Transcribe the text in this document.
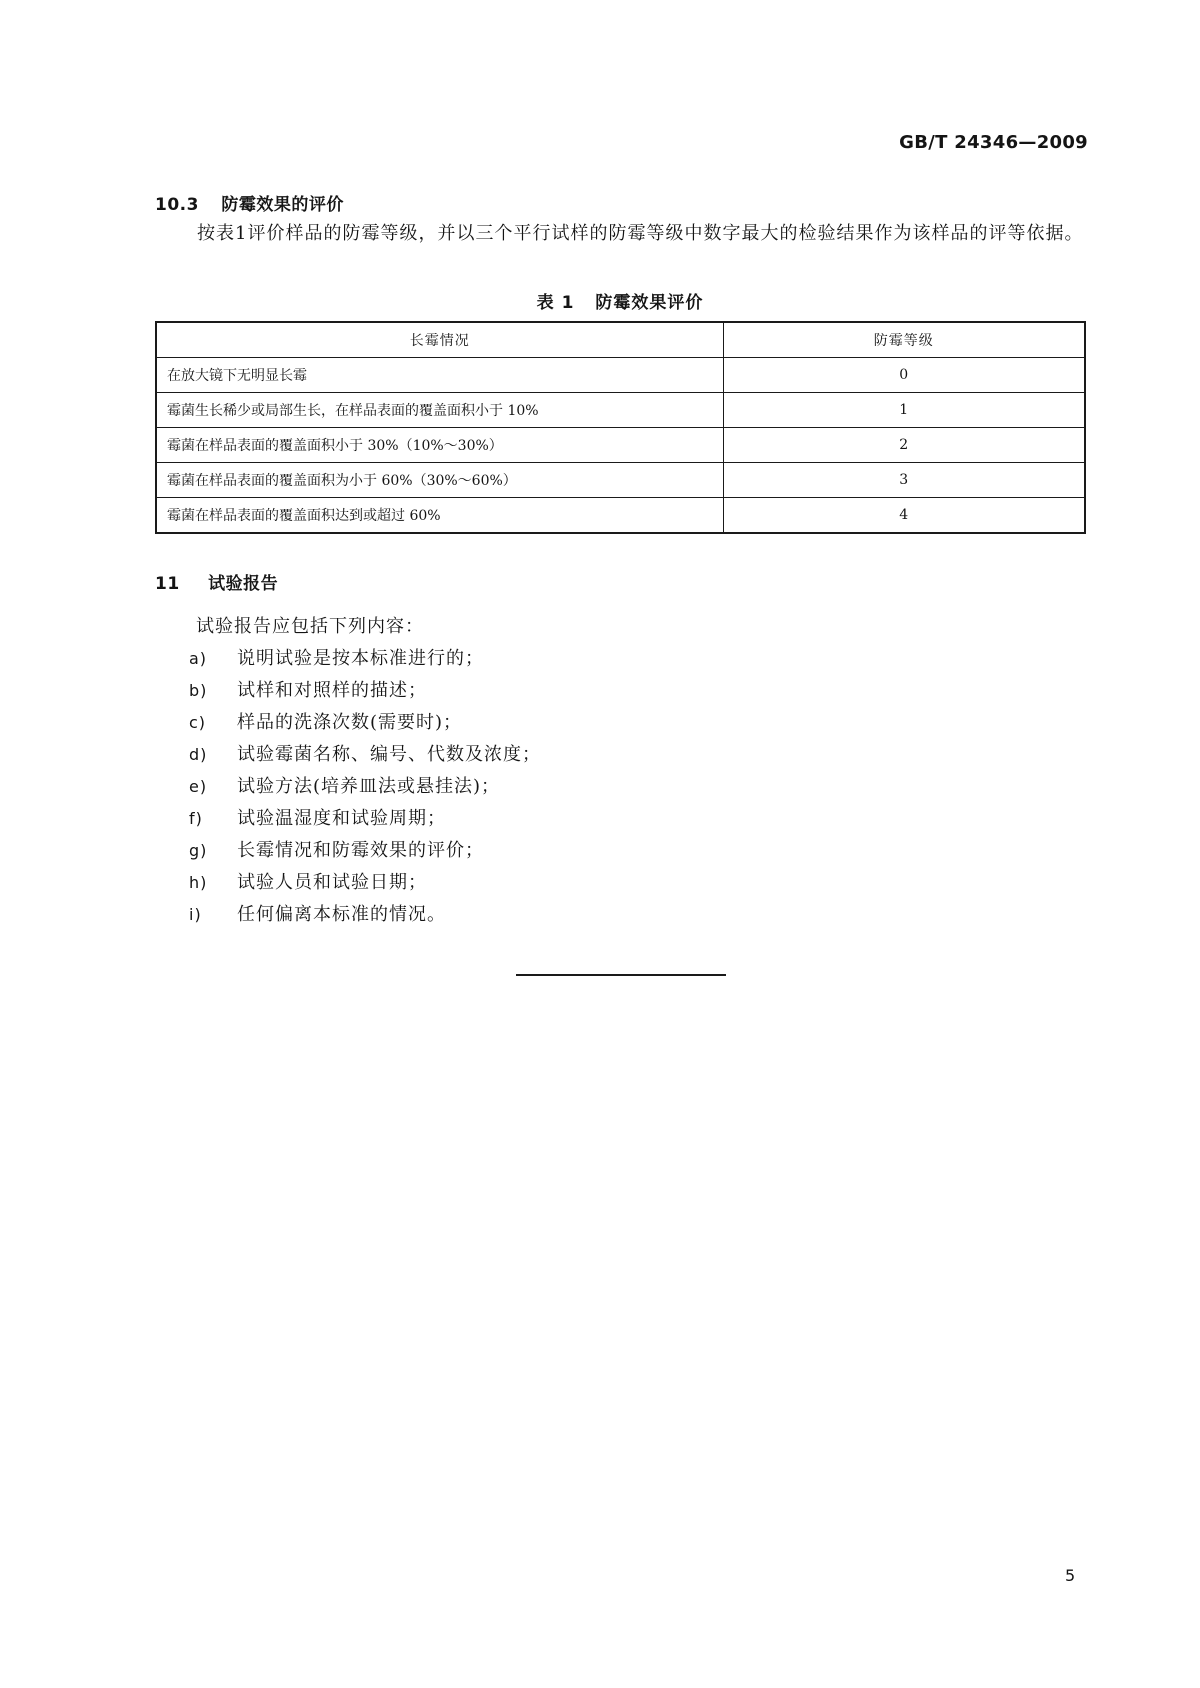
GB/T 24346—2009
10.3 防霉效果的评价

按表1评价样品的防霉等级，并以三个平行试样的防霉等级中数字最大的检验结果作为该样品的评等依据。

表 1 防霉效果评价
长霉情况	防霉等级
在放大镜下无明显长霉	0
霉菌生长稀少或局部生长，在样品表面的覆盖面积小于 10%	1
霉菌在样品表面的覆盖面积小于 30%（10%～30%）	2
霉菌在样品表面的覆盖面积为小于 60%（30%～60%）	3
霉菌在样品表面的覆盖面积达到或超过 60%	4
11 试验报告
试验报告应包括下列内容：
a) 说明试验是按本标准进行的；
b) 试样和对照样的描述；
c) 样品的洗涤次数(需要时)；
d) 试验霉菌名称、编号、代数及浓度；
e) 试验方法(培养皿法或悬挂法)；
f) 试验温湿度和试验周期；
g) 长霉情况和防霉效果的评价；
h) 试验人员和试验日期；
i) 任何偏离本标准的情况。
5
